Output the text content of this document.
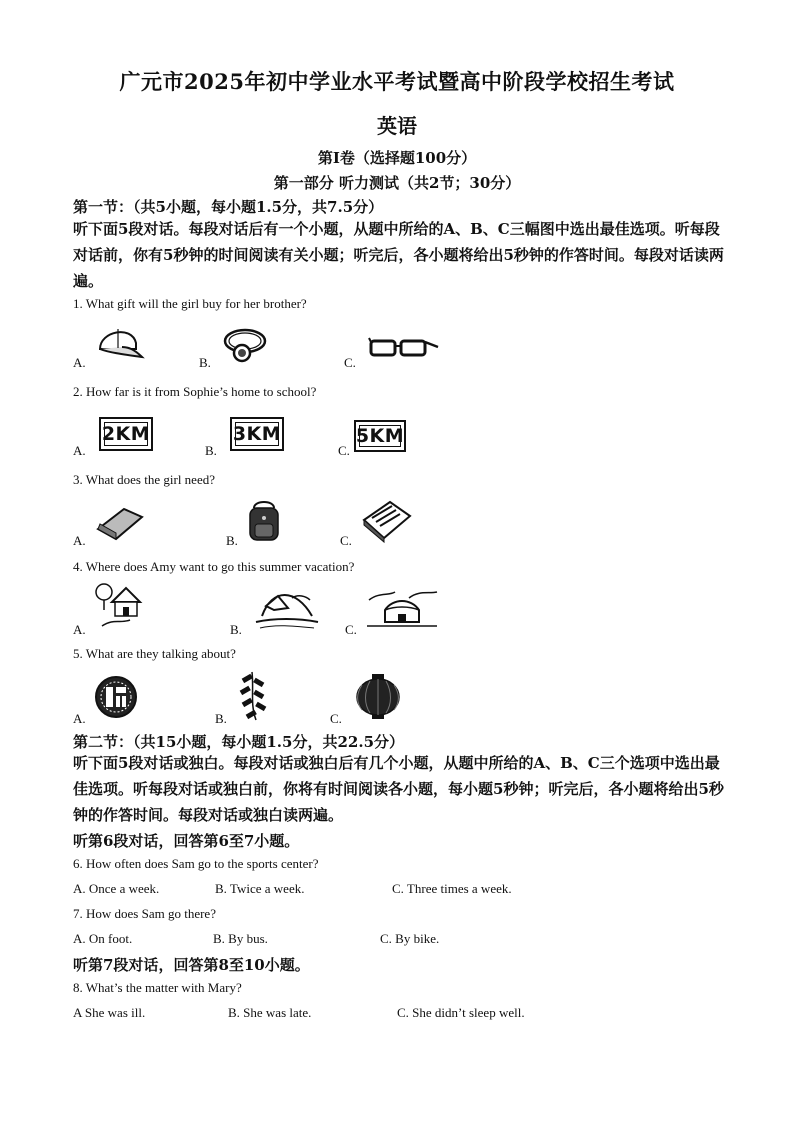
广元市2025年初中学业水平考试暨高中阶段学校招生考试
英语
第Ⅰ卷（选择题100分）
第一部分 听力测试（共2节；30分）
第一节：（共5小题，每小题1.5分，共7.5分）
听下面5段对话。每段对话后有一个小题，从题中所给的A、B、C三幅图中选出最佳选项。听每段对话前，你有5秒钟的时间阅读有关小题；听完后，各小题将给出5秒钟的作答时间。每段对话读两遍。
1. What gift will the girl buy for her brother?
A.	B.	C.
2. How far is it from Sophie’s home to school?
A.
2KM
B.
3KM
C.
5KM
3. What does the girl need?
A.	B.	C.
4. Where does Amy want to go this summer vacation?
A.	B.	C.
5. What are they talking about?
A.	B.	C.
第二节：（共15小题，每小题1.5分，共22.5分）
听下面5段对话或独白。每段对话或独白后有几个小题，从题中所给的A、B、C三个选项中选出最佳选项。听每段对话或独白前，你将有时间阅读各小题，每小题5秒钟；听完后，各小题将给出5秒钟的作答时间。每段对话或独白读两遍。
听第6段对话，回答第6至7小题。
6. How often does Sam go to the sports center?
A. Once a week.	B. Twice a week.	C. Three times a week.
7. How does Sam go there?
A. On foot.	B. By bus.	C. By bike.
听第7段对话，回答第8至10小题。
8. What’s the matter with Mary?
A She was ill.	B. She was late.	C. She didn’t sleep well.
